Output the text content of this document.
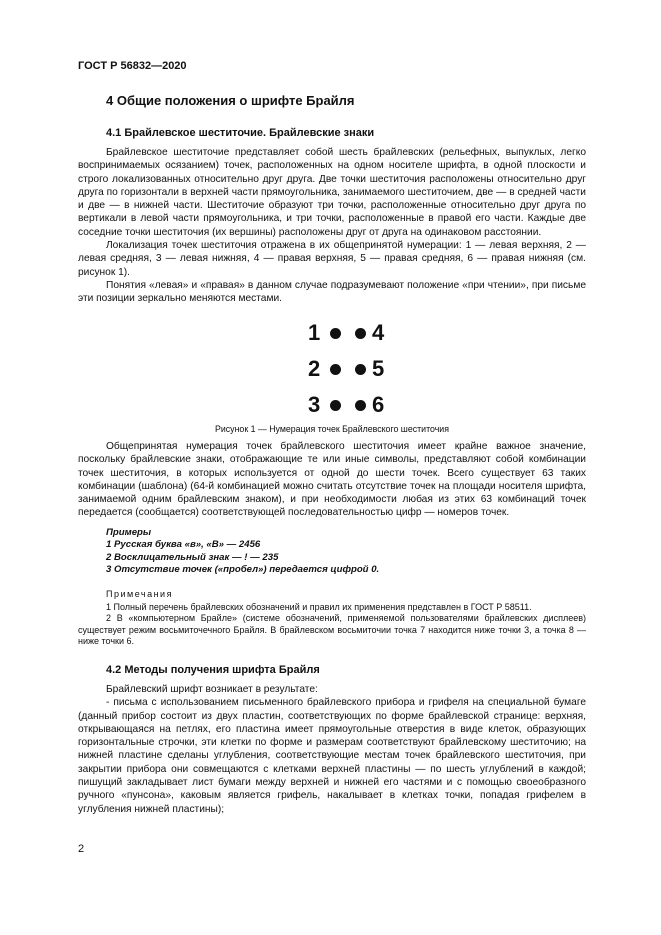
ГОСТ Р 56832—2020
4 Общие положения о шрифте Брайля
4.1 Брайлевское шеститочие. Брайлевские знаки

Брайлевское шеститочие представляет собой шесть брайлевских (рельефных, выпуклых, легко воспринимаемых осязанием) точек, расположенных на одном носителе шрифта, в одной плоскости и строго локализованных относительно друг друга. Две точки шеститочия расположены относительно друг друга по горизонтали в верхней части прямоугольника, занимаемого шеститочием, две — в средней части и две — в нижней части. Шеститочие образуют три точки, расположенные относительно друг друга по вертикали в левой части прямоугольника, и три точки, расположенные в правой его части. Каждые две соседние точки шеститочия (их вершины) расположены друг от друга на одинаковом расстоянии.

Локализация точек шеститочия отражена в их общепринятой нумерации: 1 — левая верхняя, 2 — левая средняя, 3 — левая нижняя, 4 — правая верхняя, 5 — правая средняя, 6 — правая нижняя (см. рисунок 1).

Понятия «левая» и «правая» в данном случае подразумевают положение «при чтении», при письме эти позиции зеркально меняются местами.

1 4
2 5
3 6
Рисунок 1 — Нумерация точек Брайлевского шеститочия

Общепринятая нумерация точек брайлевского шеститочия имеет крайне важное значение, поскольку брайлевские знаки, отображающие те или иные символы, представляют собой комбинации точек шеститочия, в которых используется от одной до шести точек. Всего существует 63 таких комбинации (шаблона) (64-й комбинацией можно считать отсутствие точек на площади носителя шрифта, занимаемой одним брайлевским знаком), и при необходимости любая из этих 63 комбинаций точек передается (сообщается) соответствующей последовательностью цифр — номеров точек.

Примеры
1 Русская буква «в», «В» — 2456
2 Восклицательный знак — ! — 235
3 Отсутствие точек («пробел») передается цифрой 0.
Примечания

1 Полный перечень брайлевских обозначений и правил их применения представлен в ГОСТ Р 58511.

2 В «компьютерном Брайле» (системе обозначений, применяемой пользователями брайлевских дисплеев) существует режим восьмиточечного Брайля. В брайлевском восьмиточии точка 7 находится ниже точки 3, а точка 8 — ниже точки 6.

4.2 Методы получения шрифта Брайля

Брайлевский шрифт возникает в результате:

- письма с использованием письменного брайлевского прибора и грифеля на специальной бумаге (данный прибор состоит из двух пластин, соответствующих по форме брайлевской странице: верхняя, открывающаяся на петлях, его пластина имеет прямоугольные отверстия в виде клеток, образующих горизонтальные строчки, эти клетки по форме и размерам соответствуют брайлевскому шеститочию; на нижней пластине сделаны углубления, соответствующие местам точек брайлевского шеститочия, при закрытии прибора они совмещаются с клетками верхней пластины — по шесть углублений в каждой; пишущий закладывает лист бумаги между верхней и нижней его частями и с помощью своеобразного ручного «пунсона», каковым является грифель, накалывает в клетках точки, попадая грифелем в углубления нижней пластины);

2
